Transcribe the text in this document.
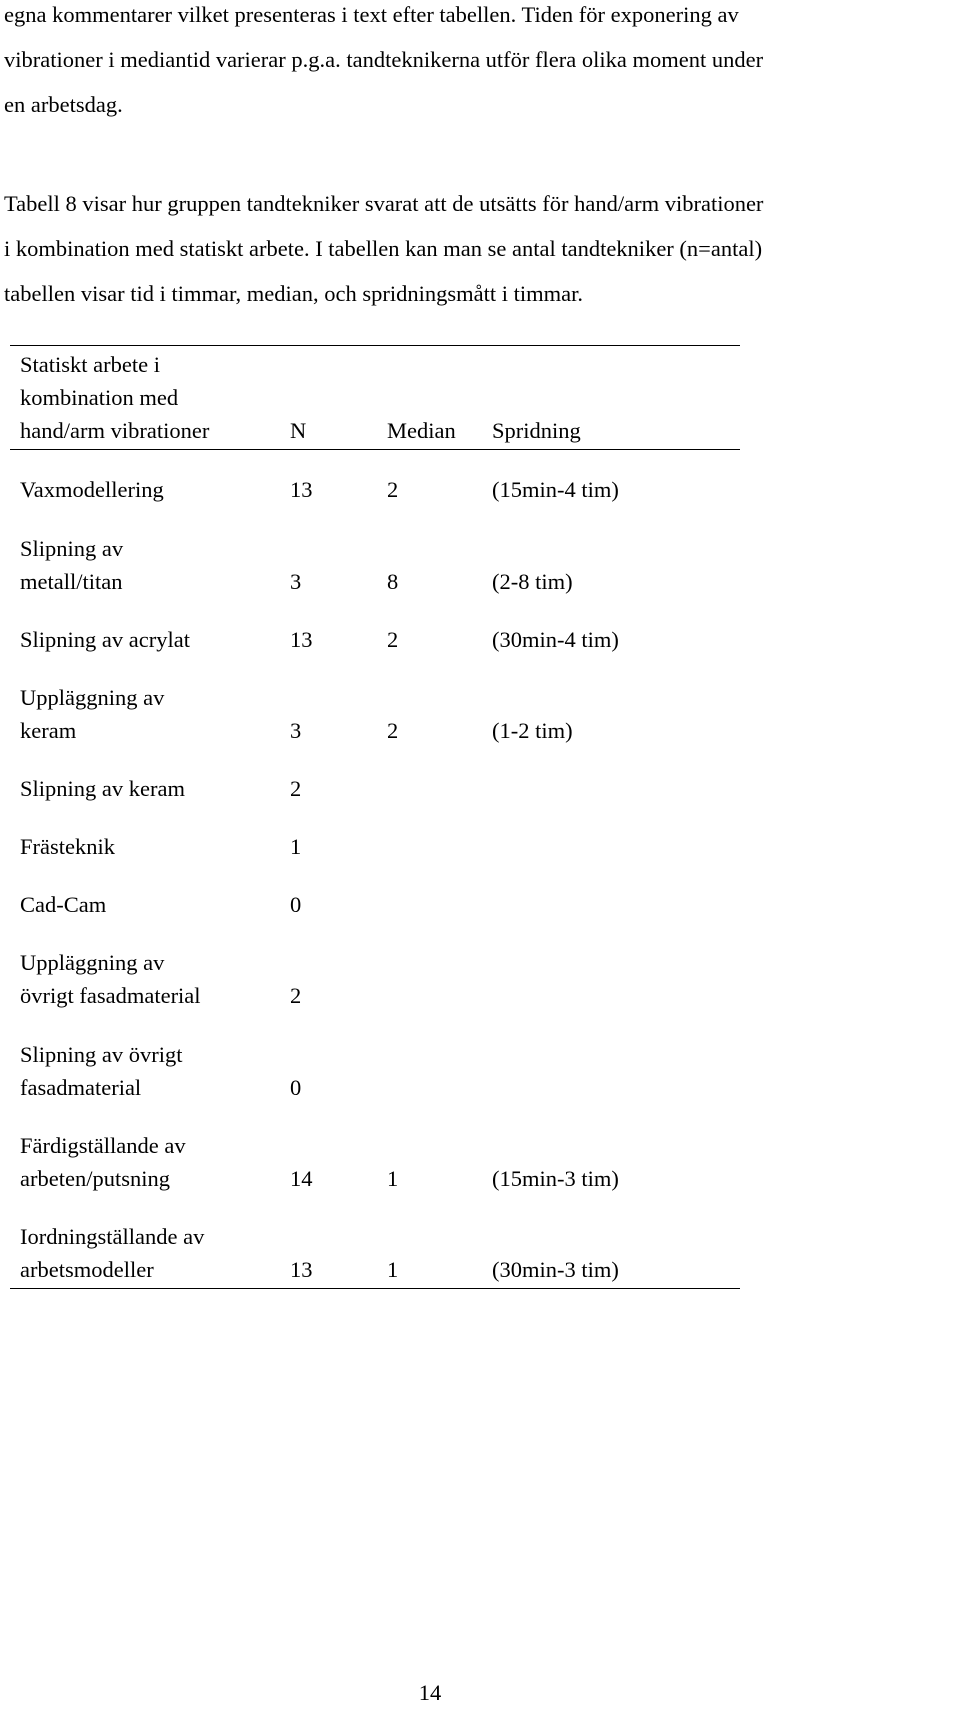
egna kommentarer vilket presenteras i text efter tabellen. Tiden för exponering av
vibrationer i mediantid varierar p.g.a. tandteknikerna utför flera olika moment under
en arbetsdag.

Tabell 8 visar hur gruppen tandtekniker svarat att de utsätts för hand/arm vibrationer
i kombination med statiskt arbete. I tabellen kan man se antal tandtekniker (n=antal)
tabellen visar tid i timmar, median, och spridningsmått i timmar.

Statiskt arbete i
kombination med
hand/arm vibrationer	N	Median	Spridning
Vaxmodellering	13	2	(15min-4 tim)
Slipning av
metall/titan	3	8	(2-8 tim)
Slipning av acrylat	13	2	(30min-4 tim)
Uppläggning av
keram	3	2	(1-2 tim)
Slipning av keram	2
Frästeknik	1
Cad-Cam	0
Uppläggning av
övrigt fasadmaterial	2
Slipning av övrigt
fasadmaterial	0
Färdigställande av
arbeten/putsning	14	1	(15min-3 tim)
Iordningställande av
arbetsmodeller	13	1	(30min-3 tim)
14
